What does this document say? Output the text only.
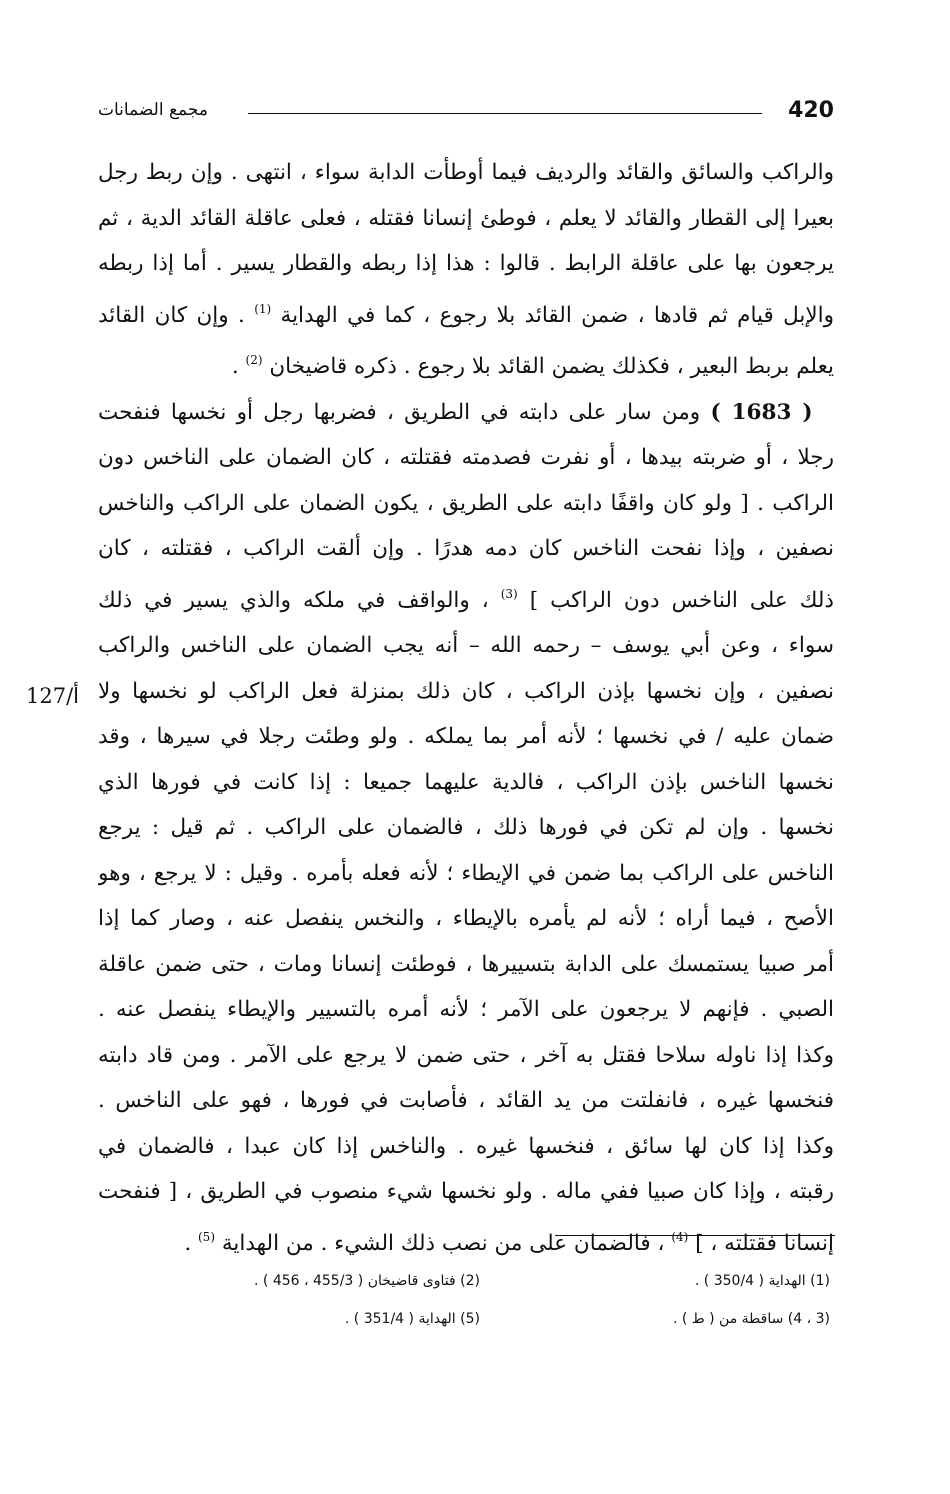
420
مجمع الضمانات
127/أ

والراكب والسائق والقائد والرديف فيما أوطأت الدابة سواء ، انتهى . وإن ربط رجل
بعيرا إلى القطار والقائد لا يعلم ، فوطئ إنسانا فقتله ، فعلى عاقلة القائد الدية ، ثم
يرجعون بها على عاقلة الرابط . قالوا : هذا إذا ربطه والقطار يسير . أما إذا ربطه
والإبل قيام ثم قادها ، ضمن القائد بلا رجوع ، كما في الهداية $^{(1)}$ . وإن كان القائد
يعلم بربط البعير ، فكذلك يضمن القائد بلا رجوع . ذكره قاضيخان $^{(2)}$ .

 ( 1683 ) ومن سار على دابته في الطريق ، فضربها رجل أو نخسها فنفحت
رجلا ، أو ضربته بيدها ، أو نفرت فصدمته فقتلته ، كان الضمان على الناخس دون
الراكب . [ ولو كان واقفًا دابته على الطريق ، يكون الضمان على الراكب والناخس
نصفين ، وإذا نفحت الناخس كان دمه هدرًا . وإن ألقت الراكب ، فقتلته ، كان
ذلك على الناخس دون الراكب ] $^{(3)}$ ، والواقف في ملكه والذي يسير في ذلك
سواء ، وعن أبي يوسف – رحمه الله – أنه يجب الضمان على الناخس والراكب
نصفين ، وإن نخسها بإذن الراكب ، كان ذلك بمنزلة فعل الراكب لو نخسها ولا
ضمان عليه / في نخسها ؛ لأنه أمر بما يملكه . ولو وطئت رجلا في سيرها ، وقد
نخسها الناخس بإذن الراكب ، فالدية عليهما جميعا : إذا كانت في فورها الذي
نخسها . وإن لم تكن في فورها ذلك ، فالضمان على الراكب . ثم قيل : يرجع
الناخس على الراكب بما ضمن في الإيطاء ؛ لأنه فعله بأمره . وقيل : لا يرجع ، وهو
الأصح ، فيما أراه ؛ لأنه لم يأمره بالإيطاء ، والنخس ينفصل عنه ، وصار كما إذا
أمر صبيا يستمسك على الدابة بتسييرها ، فوطئت إنسانا ومات ، حتى ضمن عاقلة
الصبي . فإنهم لا يرجعون على الآمر ؛ لأنه أمره بالتسيير والإيطاء ينفصل عنه .
وكذا إذا ناوله سلاحا فقتل به آخر ، حتى ضمن لا يرجع على الآمر . ومن قاد دابته
فنخسها غيره ، فانفلتت من يد القائد ، فأصابت في فورها ، فهو على الناخس .
وكذا إذا كان لها سائق ، فنخسها غيره . والناخس إذا كان عبدا ، فالضمان في
رقبته ، وإذا كان صبيا ففي ماله . ولو نخسها شيء منصوب في الطريق ، [ فنفحت
إنسانا فقتلته ، ] $^{(4)}$ ، فالضمان على من نصب ذلك الشيء . من الهداية $^{(5)}$ .

(1) الهداية ( 350/4 ) .
(2) فتاوى قاضيخان ( 455/3 ، 456 ) .
(3 ، 4) ساقطة من ( ط ) .
(5) الهداية ( 351/4 ) .
